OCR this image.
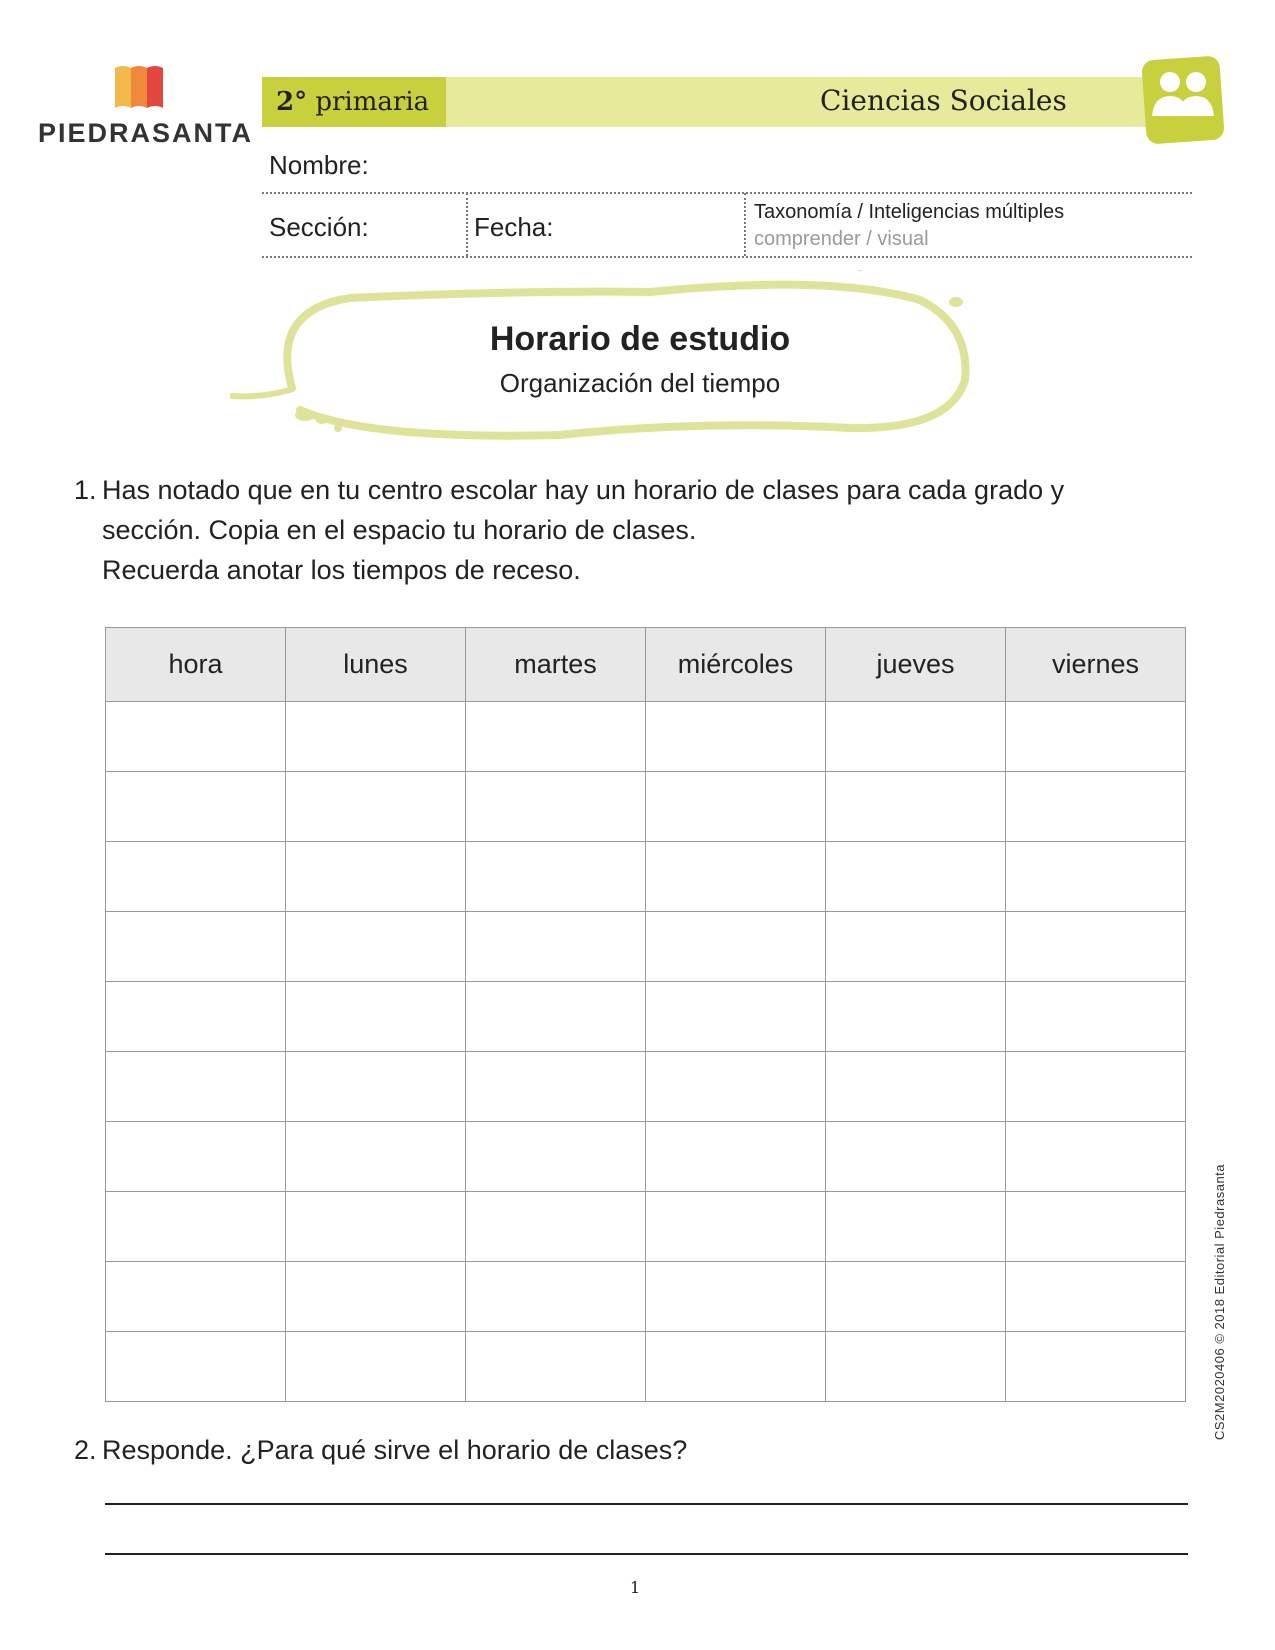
PIEDRASANTA
2° primaria	Ciencias Sociales
Nombre:
Sección:	Fecha:	Taxonomía / Inteligencias múltiples
comprender / visual
Horario de estudio
Organización del tiempo
1. Has notado que en tu centro escolar hay un horario de clases para cada grado y
sección. Copia en el espacio tu horario de clases.
Recuerda anotar los tiempos de receso.
hora	lunes	martes	miércoles	jueves	viernes

2. Responde. ¿Para qué sirve el horario de clases?
1
CS2M2020406 © 2018 Editorial Piedrasanta
